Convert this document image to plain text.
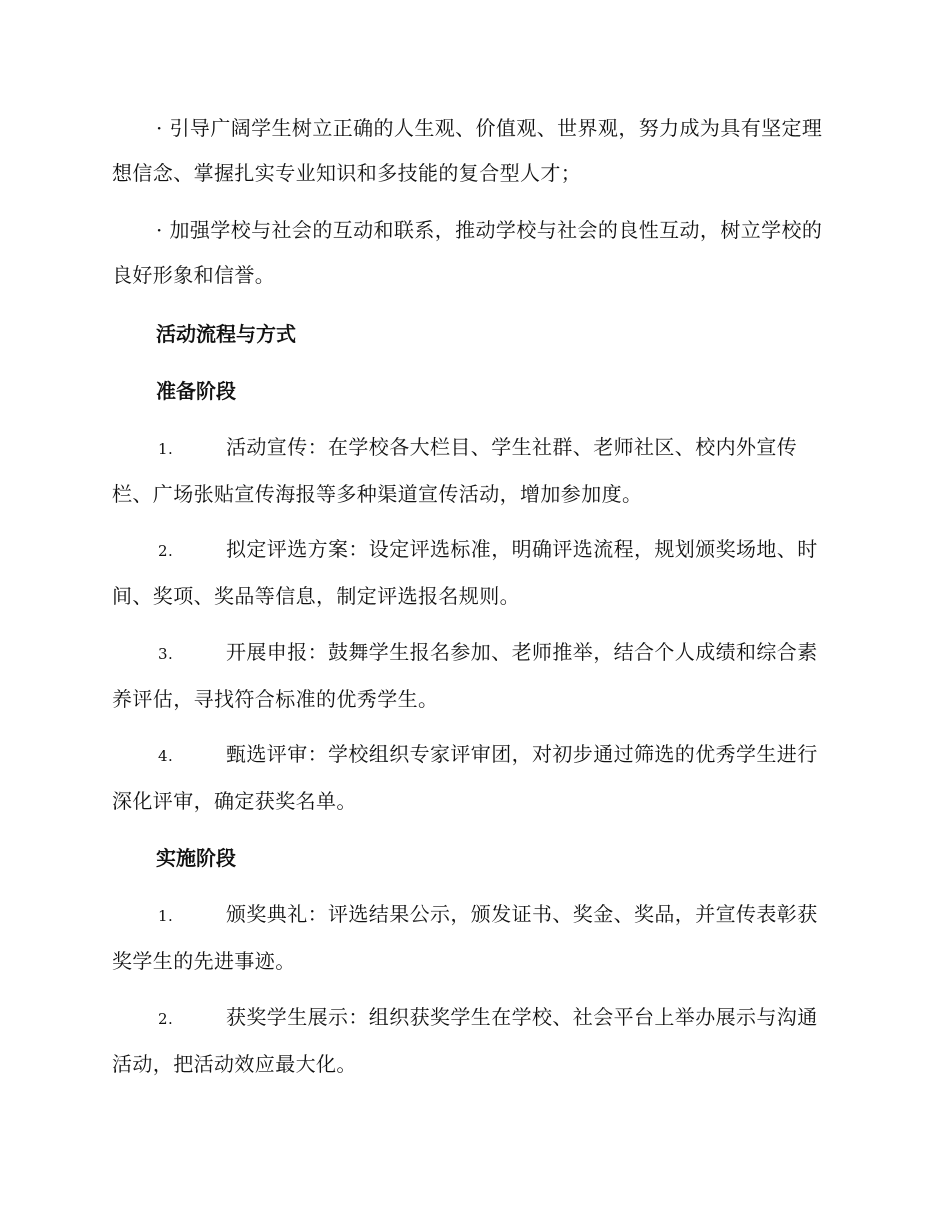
· 引导广阔学生树立正确的人生观、价值观、世界观，努力成为具有坚定理想信念、掌握扎实专业知识和多技能的复合型人才；

· 加强学校与社会的互动和联系，推动学校与社会的良性互动，树立学校的良好形象和信誉。

活动流程与方式
准备阶段

1.	活动宣传：在学校各大栏目、学生社群、老师社区、校内外宣传栏、广场张贴宣传海报等多种渠道宣传活动，增加参加度。

2.	拟定评选方案：设定评选标准，明确评选流程，规划颁奖场地、时间、奖项、奖品等信息，制定评选报名规则。

3.	开展申报：鼓舞学生报名参加、老师推举，结合个人成绩和综合素养评估，寻找符合标准的优秀学生。

4.	甄选评审：学校组织专家评审团，对初步通过筛选的优秀学生进行深化评审，确定获奖名单。

实施阶段

1.	颁奖典礼：评选结果公示，颁发证书、奖金、奖品，并宣传表彰获奖学生的先进事迹。

2.	获奖学生展示：组织获奖学生在学校、社会平台上举办展示与沟通活动，把活动效应最大化。
